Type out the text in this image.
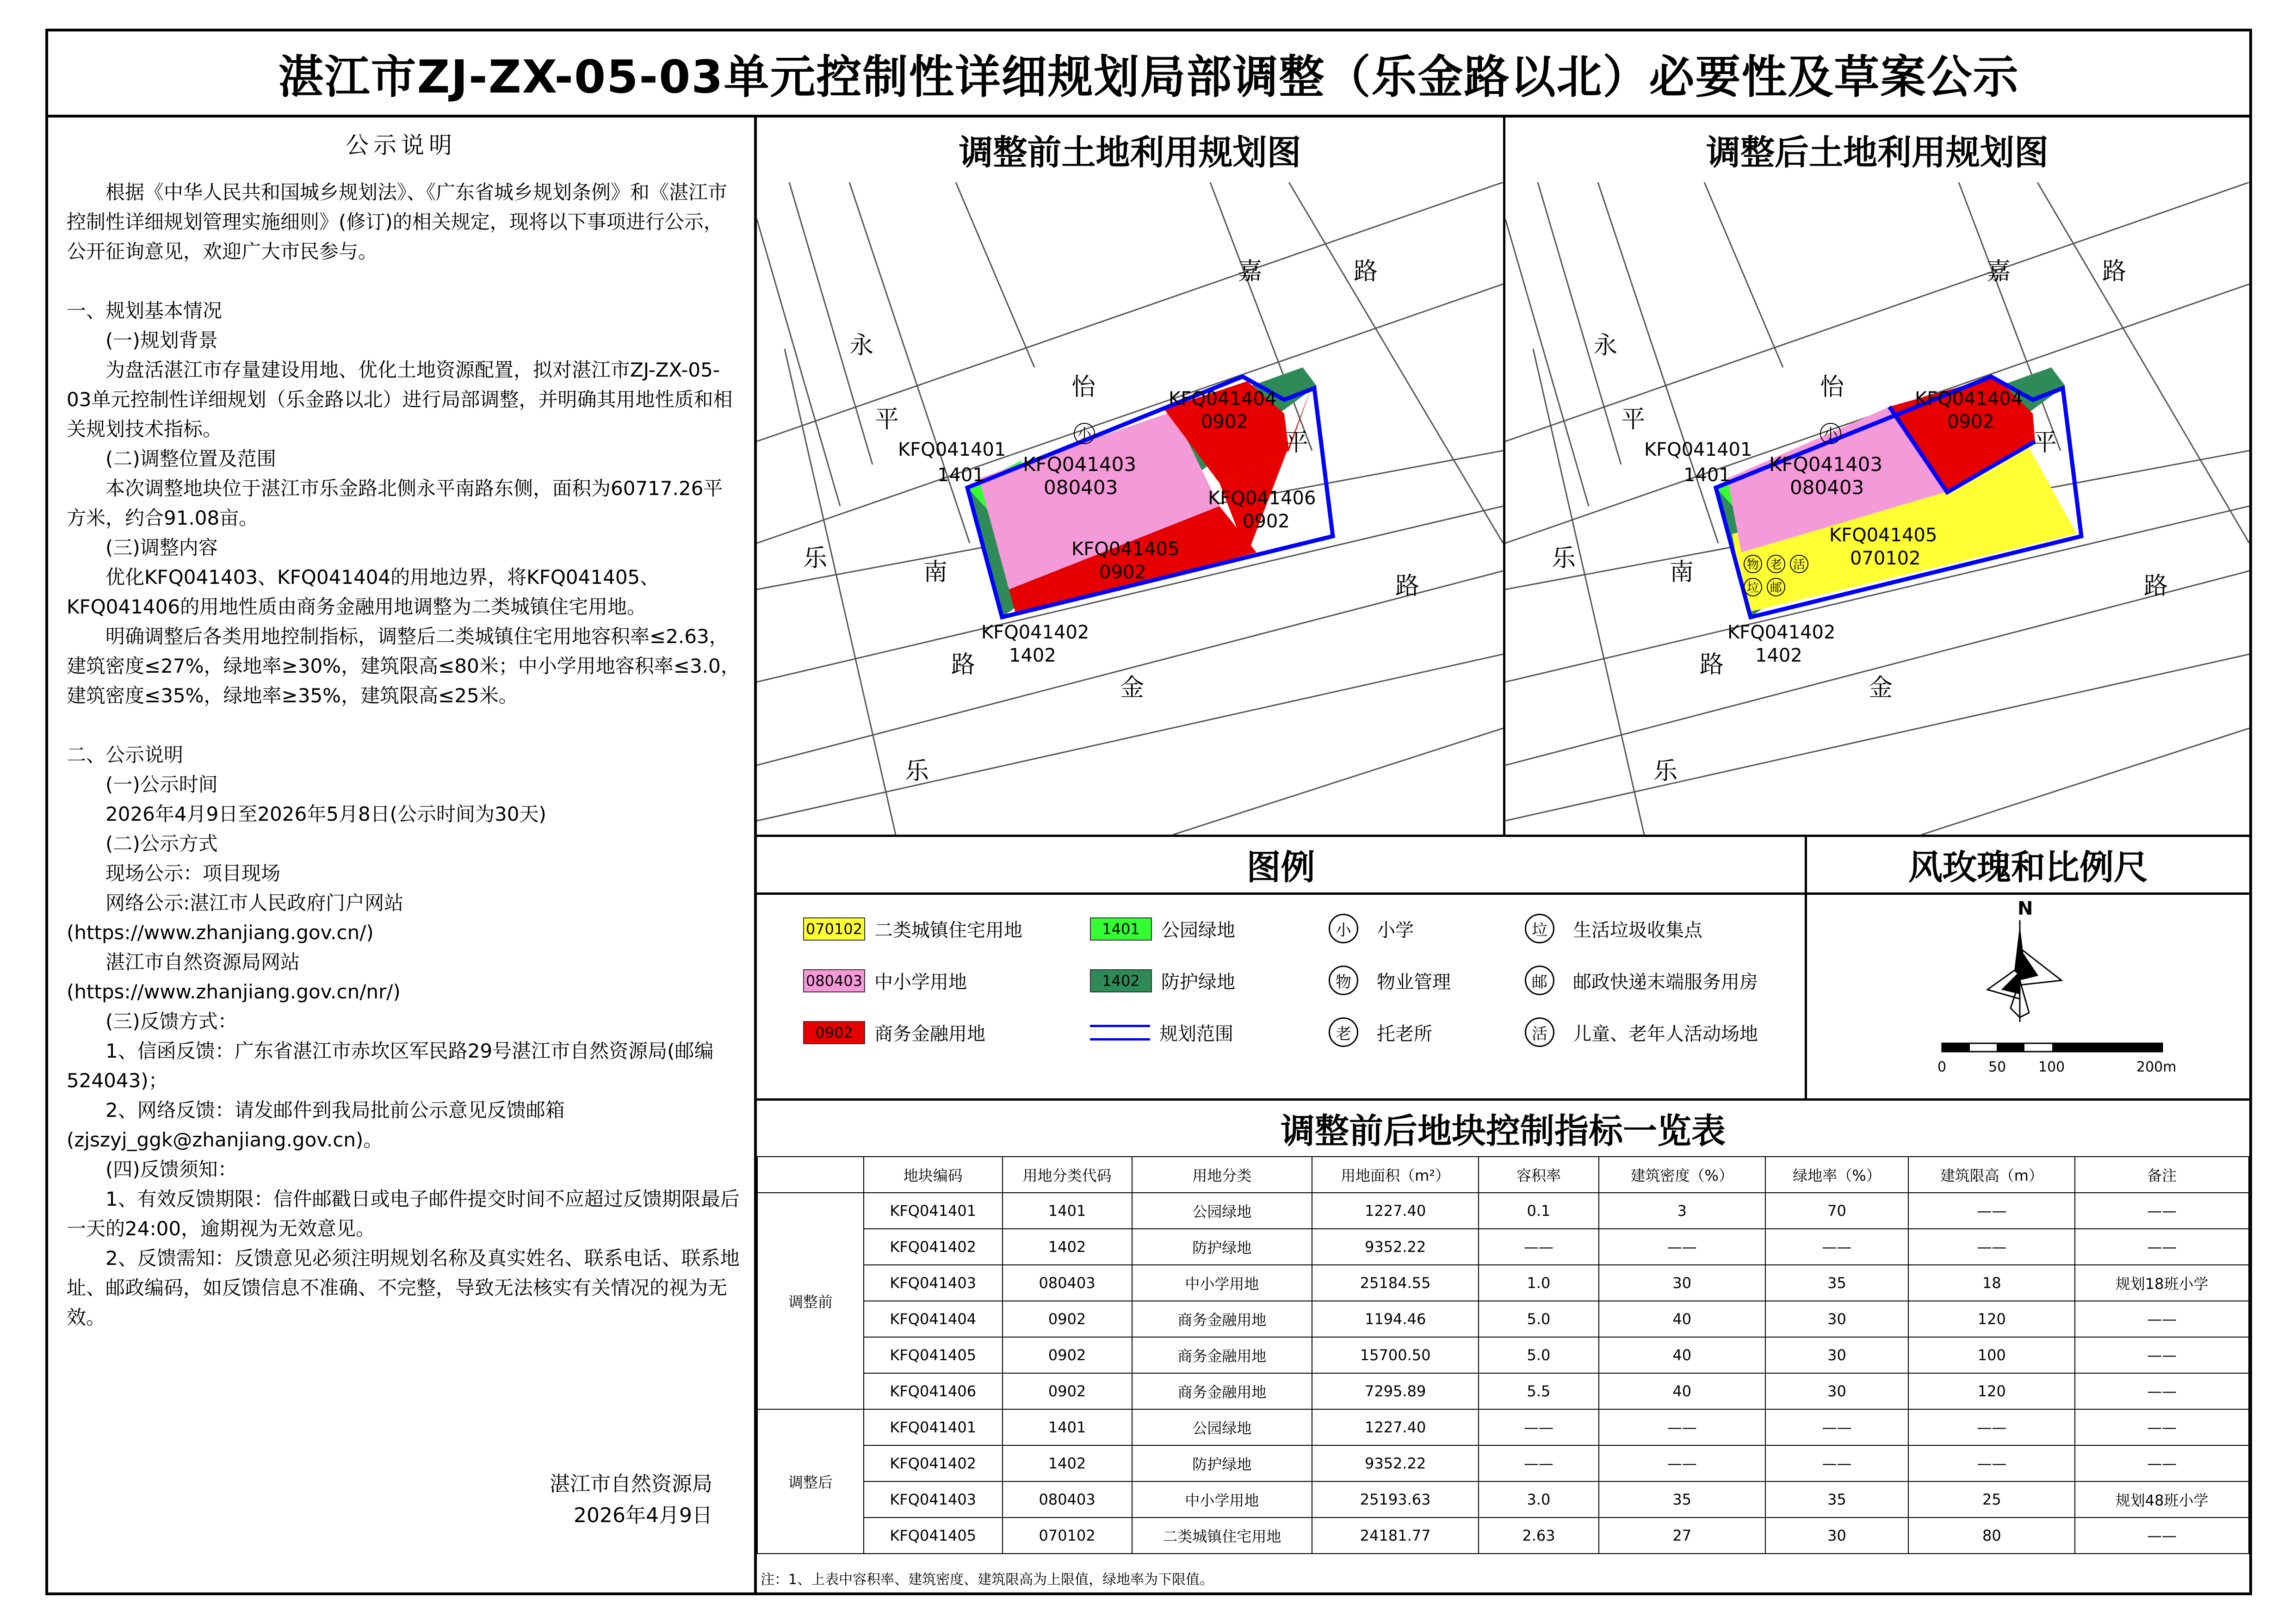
湛江市ZJ-ZX-05-03单元控制性详细规划局部调整（乐金路以北）必要性及草案公示
公示说明

根据《中华人民共和国城乡规划法》、《广东省城乡规划条例》和《湛江市控制性详细规划管理实施细则》(修订)的相关规定，现将以下事项进行公示，公开征询意见，欢迎广大市民参与。

一、规划基本情况

(一)规划背景

为盘活湛江市存量建设用地、优化土地资源配置，拟对湛江市ZJ-ZX-05-03单元控制性详细规划（乐金路以北）进行局部调整，并明确其用地性质和相关规划技术指标。

(二)调整位置及范围

本次调整地块位于湛江市乐金路北侧永平南路东侧，面积为60717.26平方米，约合91.08亩。

(三)调整内容

优化KFQ041403、KFQ041404的用地边界，将KFQ041405、KFQ041406的用地性质由商务金融用地调整为二类城镇住宅用地。

明确调整后各类用地控制指标，调整后二类城镇住宅用地容积率≤2.63，建筑密度≤27%，绿地率≥30%，建筑限高≤80米；中小学用地容积率≤3.0，建筑密度≤35%，绿地率≥35%，建筑限高≤25米。

二、公示说明

(一)公示时间

2026年4月9日至2026年5月8日(公示时间为30天)

(二)公示方式

现场公示：项目现场

网络公示:湛江市人民政府门户网站

(https://www.zhanjiang.gov.cn/)

湛江市自然资源局网站

(https://www.zhanjiang.gov.cn/nr/)

(三)反馈方式：

1、信函反馈：广东省湛江市赤坎区军民路29号湛江市自然资源局(邮编524043)；

2、网络反馈：请发邮件到我局批前公示意见反馈邮箱(zjszyj_ggk@zhanjiang.gov.cn)。

(四)反馈须知：

1、有效反馈期限：信件邮戳日或电子邮件提交时间不应超过反馈期限最后一天的24:00，逾期视为无效意见。

2、反馈需知：反馈意见必须注明规划名称及真实姓名、联系电话、联系地址、邮政编码，如反馈信息不准确、不完整，导致无法核实有关情况的视为无效。

湛江市自然资源局
2026年4月9日
调整前土地利用规划图
永
平
南
路
乐
金
乐
路
嘉
怡
平
路
KFQ041401
1401
小
KFQ041403
080403
KFQ041404
0902
KFQ041406
0902
KFQ041405
0902
KFQ041402
1402
调整后土地利用规划图
永
平
南
路
乐
金
乐
路
嘉
怡
平
路
KFQ041401
1401
小
KFQ041403
080403
KFQ041404
0902
KFQ041405
070102
物 老 活
垃 邮
KFQ041402
1402
图例
070102 二类城镇住宅用地
080403 中小学用地
0902	商务金融用地
1401	公园绿地
1402	防护绿地
规划范围
小	小学
物	物业管理
老	托老所
垃	生活垃圾收集点
邮	邮政快递末端服务用房
活	儿童、老年人活动场地
风玫瑰和比例尺
N
0	50 100	200m
调整前后地块控制指标一览表
	地块编码	用地分类代码	用地分类	用地面积（m²）	容积率	建筑密度（%）	绿地率（%）	建筑限高（m）	备注
调整前	KFQ041401	1401	公园绿地	1227.40	0.1	3	70	——	——
	KFQ041402	1402	防护绿地	9352.22	——	——	——	——	——
	KFQ041403	080403	中小学用地	25184.55	1.0	30	35	18	规划18班小学
	KFQ041404	0902	商务金融用地	1194.46	5.0	40	30	120	——
	KFQ041405	0902	商务金融用地	15700.50	5.0	40	30	100	——
	KFQ041406	0902	商务金融用地	7295.89	5.5	40	30	120	——
调整后	KFQ041401	1401	公园绿地	1227.40	——	——	——	——	——
	KFQ041402	1402	防护绿地	9352.22	——	——	——	——	——
	KFQ041403	080403	中小学用地	25193.63	3.0	35	35	25	规划48班小学
	KFQ041405	070102	二类城镇住宅用地	24181.77	2.63	27	30	80	——
注：1、上表中容积率、建筑密度、建筑限高为上限值，绿地率为下限值。
